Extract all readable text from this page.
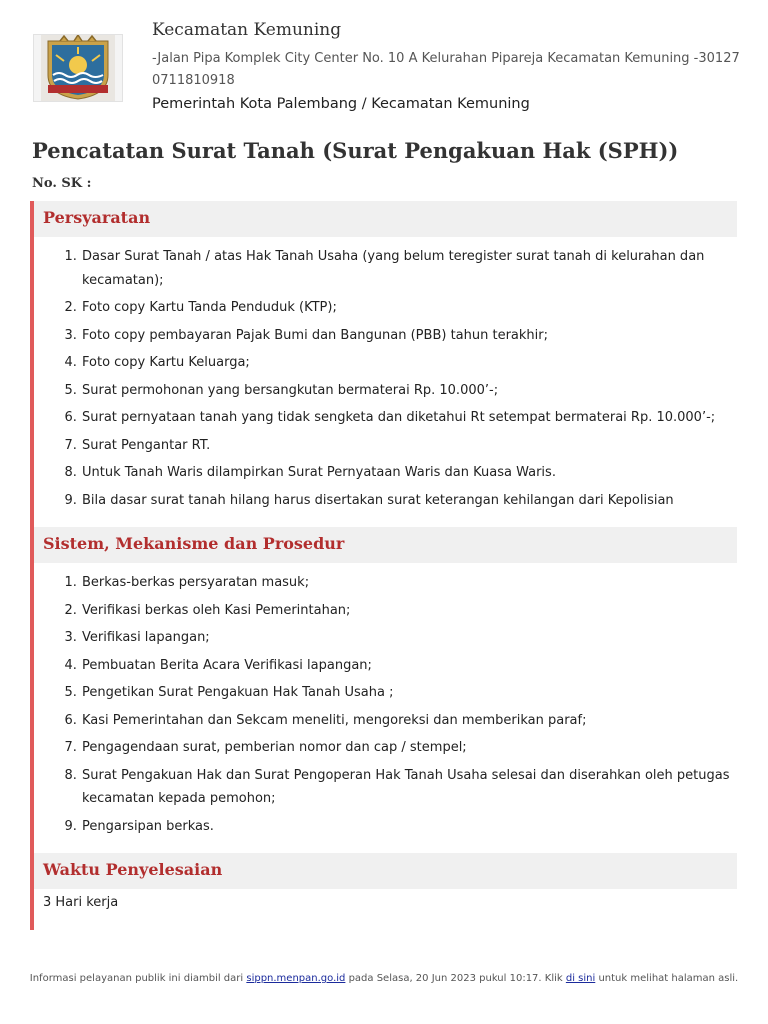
Kecamatan Kemuning
-Jalan Pipa Komplek City Center No. 10 A Kelurahan Pipareja Kecamatan Kemuning -30127
0711810918
Pemerintah Kota Palembang / Kecamatan Kemuning
Pencatatan Surat Tanah (Surat Pengakuan Hak (SPH))
No. SK :
Persyaratan
1. Dasar Surat Tanah / atas Hak Tanah Usaha (yang belum teregister surat tanah di kelurahan dan kecamatan);
2. Foto copy Kartu Tanda Penduduk (KTP);
3. Foto copy pembayaran Pajak Bumi dan Bangunan (PBB) tahun terakhir;
4. Foto copy Kartu Keluarga;
5. Surat permohonan yang bersangkutan bermaterai Rp. 10.000’-;
6. Surat pernyataan tanah yang tidak sengketa dan diketahui Rt setempat bermaterai Rp. 10.000’-;
7. Surat Pengantar RT.
8. Untuk Tanah Waris dilampirkan Surat Pernyataan Waris dan Kuasa Waris.
9. Bila dasar surat tanah hilang harus disertakan surat keterangan kehilangan dari Kepolisian
Sistem, Mekanisme dan Prosedur
1. Berkas-berkas persyaratan masuk;
2. Verifikasi berkas oleh Kasi Pemerintahan;
3. Verifikasi lapangan;
4. Pembuatan Berita Acara Verifikasi lapangan;
5. Pengetikan Surat Pengakuan Hak Tanah Usaha ;
6. Kasi Pemerintahan dan Sekcam meneliti, mengoreksi dan memberikan paraf;
7. Pengagendaan surat, pemberian nomor dan cap / stempel;
8. Surat Pengakuan Hak dan Surat Pengoperan Hak Tanah Usaha selesai dan diserahkan oleh petugas kecamatan kepada pemohon;
9. Pengarsipan berkas.
Waktu Penyelesaian
3 Hari kerja
Informasi pelayanan publik ini diambil dari sippn.menpan.go.id pada Selasa, 20 Jun 2023 pukul 10:17. Klik di sini untuk melihat halaman asli.
